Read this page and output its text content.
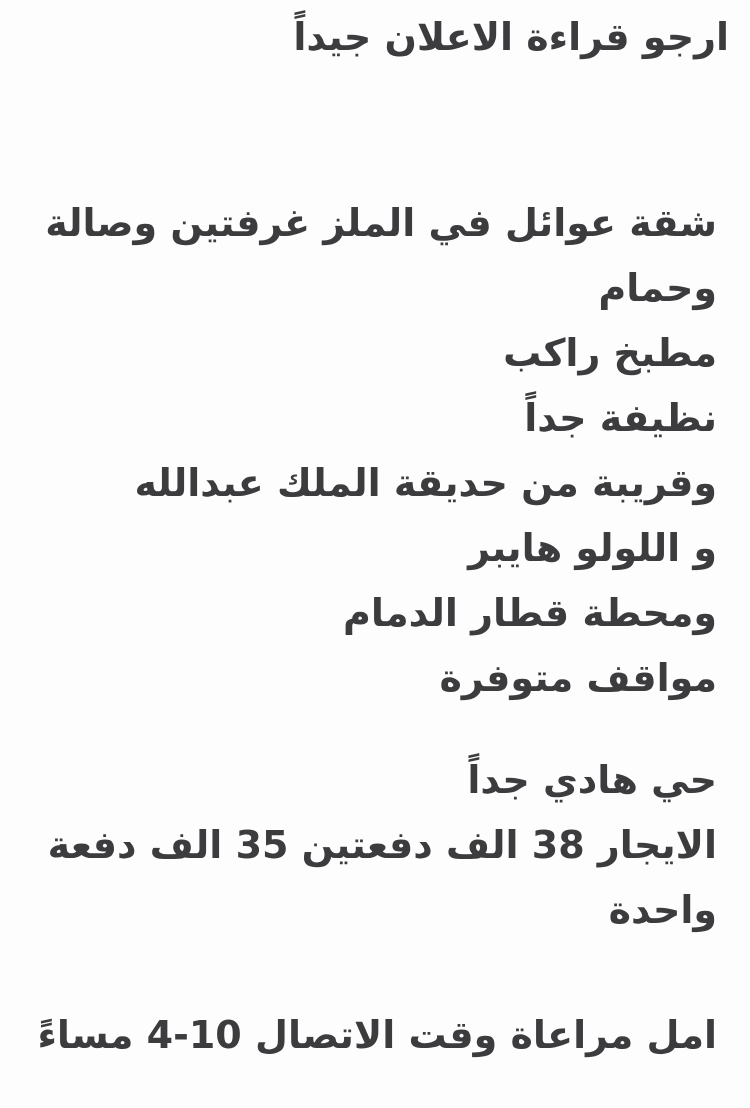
ارجو قراءة الاعلان جيداً
شقة عوائل في الملز غرفتين وصالة
وحمام
مطبخ راكب
نظيفة جداً
وقريبة من حديقة الملك عبدالله
و اللولو هايبر
ومحطة قطار الدمام
مواقف متوفرة
حي هادي جداً
الايجار 38 الف دفعتين 35 الف دفعة
واحدة
امل مراعاة وقت الاتصال 10-4 مساءً
